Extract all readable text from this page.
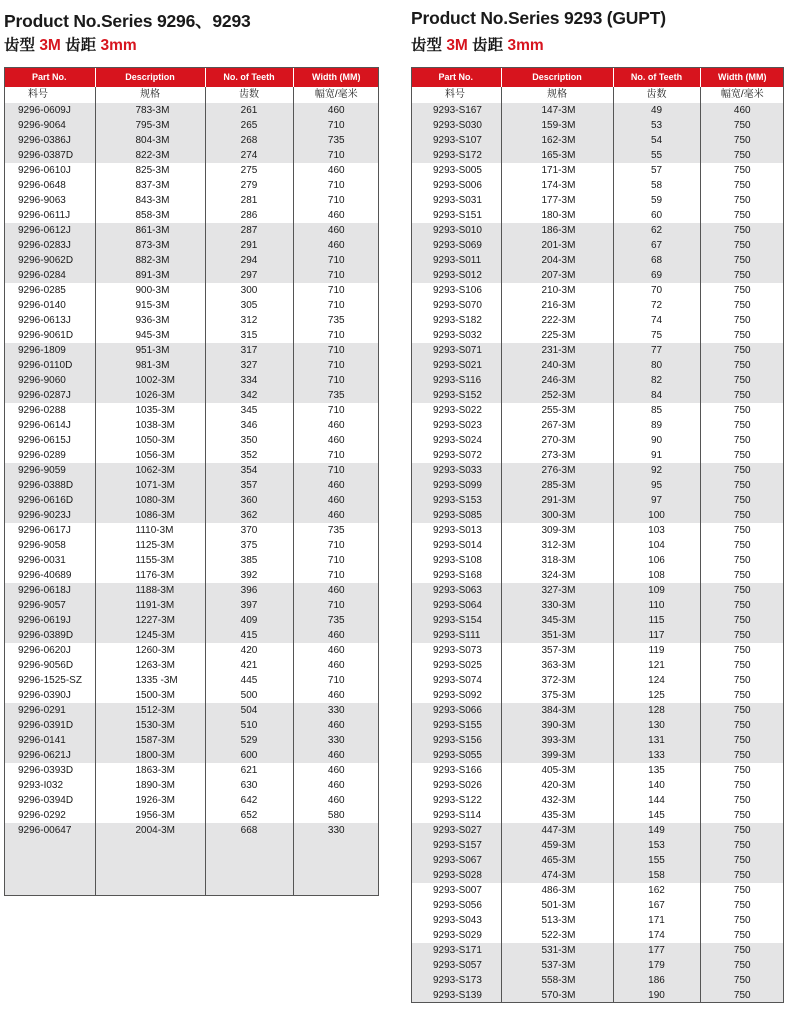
Product No.Series 9296、9293
齿型 3M 齿距 3mm
Part No.	Description	No. of Teeth	Width (MM)
料号	规格	齿数	幅宽/毫米
9296-0609J	783-3M	261	460
9296-9064	795-3M	265	710
9296-0386J	804-3M	268	735
9296-0387D	822-3M	274	710
9296-0610J	825-3M	275	460
9296-0648	837-3M	279	710
9296-9063	843-3M	281	710
9296-0611J	858-3M	286	460
9296-0612J	861-3M	287	460
9296-0283J	873-3M	291	460
9296-9062D	882-3M	294	710
9296-0284	891-3M	297	710
9296-0285	900-3M	300	710
9296-0140	915-3M	305	710
9296-0613J	936-3M	312	735
9296-9061D	945-3M	315	710
9296-1809	951-3M	317	710
9296-0110D	981-3M	327	710
9296-9060	1002-3M	334	710
9296-0287J	1026-3M	342	735
9296-0288	1035-3M	345	710
9296-0614J	1038-3M	346	460
9296-0615J	1050-3M	350	460
9296-0289	1056-3M	352	710
9296-9059	1062-3M	354	710
9296-0388D	1071-3M	357	460
9296-0616D	1080-3M	360	460
9296-9023J	1086-3M	362	460
9296-0617J	1110-3M	370	735
9296-9058	1125-3M	375	710
9296-0031	1155-3M	385	710
9296-40689	1176-3M	392	710
9296-0618J	1188-3M	396	460
9296-9057	1191-3M	397	710
9296-0619J	1227-3M	409	735
9296-0389D	1245-3M	415	460
9296-0620J	1260-3M	420	460
9296-9056D	1263-3M	421	460
9296-1525-SZ	1335 -3M	445	710
9296-0390J	1500-3M	500	460
9296-0291	1512-3M	504	330
9296-0391D	1530-3M	510	460
9296-0141	1587-3M	529	330
9296-0621J	1800-3M	600	460
9296-0393D	1863-3M	621	460
9293-I032	1890-3M	630	460
9296-0394D	1926-3M	642	460
9296-0292	1956-3M	652	580
9296-00647	2004-3M	668	330

Product No.Series 9293 (GUPT)
齿型 3M 齿距 3mm
Part No.	Description	No. of Teeth	Width (MM)
料号	规格	齿数	幅宽/毫米
9293-S167	147-3M	49	460
9293-S030	159-3M	53	750
9293-S107	162-3M	54	750
9293-S172	165-3M	55	750
9293-S005	171-3M	57	750
9293-S006	174-3M	58	750
9293-S031	177-3M	59	750
9293-S151	180-3M	60	750
9293-S010	186-3M	62	750
9293-S069	201-3M	67	750
9293-S011	204-3M	68	750
9293-S012	207-3M	69	750
9293-S106	210-3M	70	750
9293-S070	216-3M	72	750
9293-S182	222-3M	74	750
9293-S032	225-3M	75	750
9293-S071	231-3M	77	750
9293-S021	240-3M	80	750
9293-S116	246-3M	82	750
9293-S152	252-3M	84	750
9293-S022	255-3M	85	750
9293-S023	267-3M	89	750
9293-S024	270-3M	90	750
9293-S072	273-3M	91	750
9293-S033	276-3M	92	750
9293-S099	285-3M	95	750
9293-S153	291-3M	97	750
9293-S085	300-3M	100	750
9293-S013	309-3M	103	750
9293-S014	312-3M	104	750
9293-S108	318-3M	106	750
9293-S168	324-3M	108	750
9293-S063	327-3M	109	750
9293-S064	330-3M	110	750
9293-S154	345-3M	115	750
9293-S111	351-3M	117	750
9293-S073	357-3M	119	750
9293-S025	363-3M	121	750
9293-S074	372-3M	124	750
9293-S092	375-3M	125	750
9293-S066	384-3M	128	750
9293-S155	390-3M	130	750
9293-S156	393-3M	131	750
9293-S055	399-3M	133	750
9293-S166	405-3M	135	750
9293-S026	420-3M	140	750
9293-S122	432-3M	144	750
9293-S114	435-3M	145	750
9293-S027	447-3M	149	750
9293-S157	459-3M	153	750
9293-S067	465-3M	155	750
9293-S028	474-3M	158	750
9293-S007	486-3M	162	750
9293-S056	501-3M	167	750
9293-S043	513-3M	171	750
9293-S029	522-3M	174	750
9293-S171	531-3M	177	750
9293-S057	537-3M	179	750
9293-S173	558-3M	186	750
9293-S139	570-3M	190	750
